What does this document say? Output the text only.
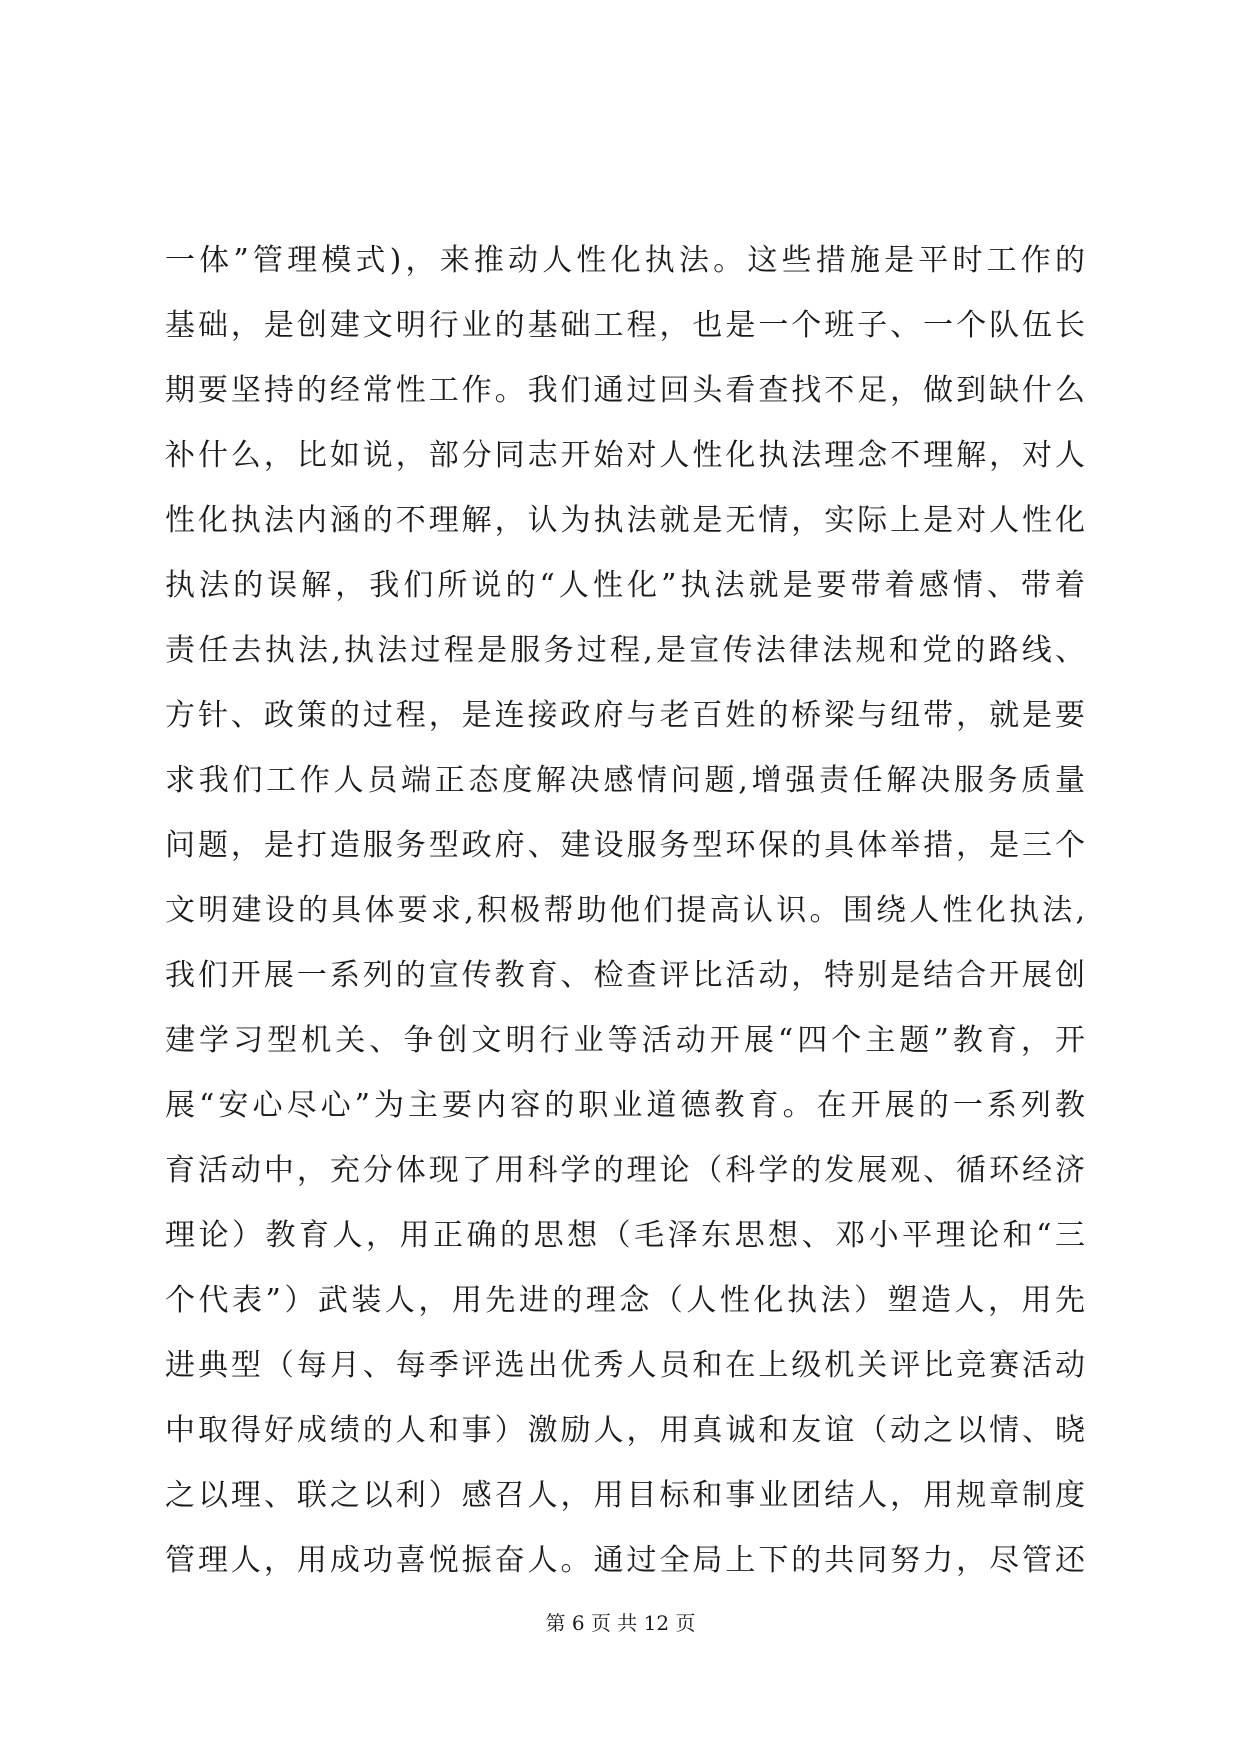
一体”管理模式)，来推动人性化执法。这些措施是平时工作的
基础，是创建文明行业的基础工程，也是一个班子、一个队伍长
期要坚持的经常性工作。我们通过回头看查找不足，做到缺什么
补什么，比如说，部分同志开始对人性化执法理念不理解，对人
性化执法内涵的不理解，认为执法就是无情，实际上是对人性化
执法的误解，我们所说的“人性化”执法就是要带着感情、带着
责任去执法,执法过程是服务过程,是宣传法律法规和党的路线、
方针、政策的过程，是连接政府与老百姓的桥梁与纽带，就是要
求我们工作人员端正态度解决感情问题,增强责任解决服务质量
问题，是打造服务型政府、建设服务型环保的具体举措，是三个
文明建设的具体要求,积极帮助他们提高认识。围绕人性化执法,
我们开展一系列的宣传教育、检查评比活动，特别是结合开展创
建学习型机关、争创文明行业等活动开展“四个主题”教育，开
展“安心尽心”为主要内容的职业道德教育。在开展的一系列教
育活动中，充分体现了用科学的理论（科学的发展观、循环经济
理论）教育人，用正确的思想（毛泽东思想、邓小平理论和“三
个代表”）武装人，用先进的理念（人性化执法）塑造人，用先
进典型（每月、每季评选出优秀人员和在上级机关评比竞赛活动
中取得好成绩的人和事）激励人，用真诚和友谊（动之以情、晓
之以理、联之以利）感召人，用目标和事业团结人，用规章制度
管理人，用成功喜悦振奋人。通过全局上下的共同努力，尽管还
第 6 页 共 12 页
